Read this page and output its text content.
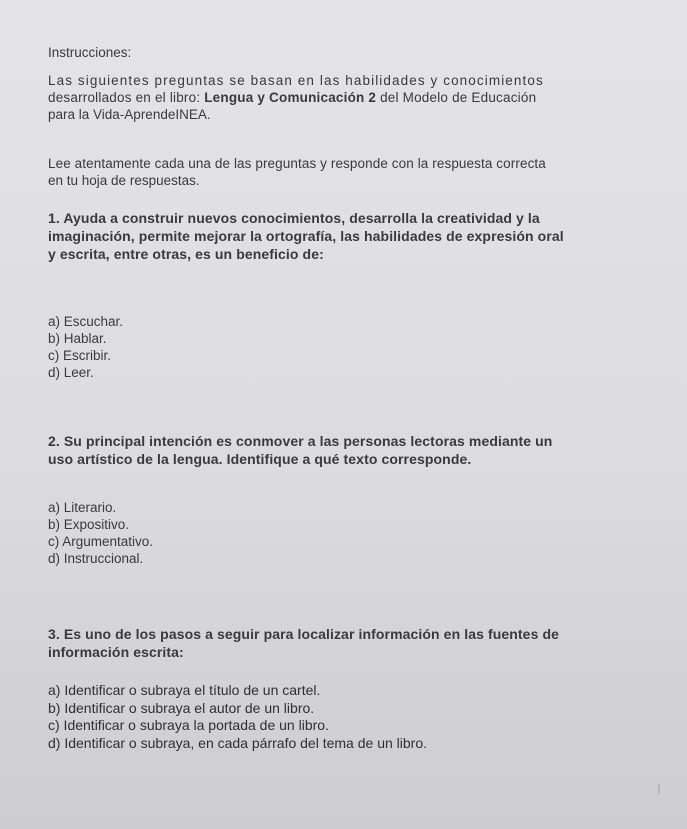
Instrucciones:

Las siguientes preguntas se basan en las habilidades y conocimientos

desarrollados en el libro: Lengua y Comunicación 2 del Modelo de Educación

para la Vida-AprendeINEA.

Lee atentamente cada una de las preguntas y responde con la respuesta correcta

en tu hoja de respuestas.

1. Ayuda a construir nuevos conocimientos, desarrolla la creatividad y la

imaginación, permite mejorar la ortografía, las habilidades de expresión oral

y escrita, entre otras, es un beneficio de:

a) Escuchar.

b) Hablar.

c) Escribir.

d) Leer.

2. Su principal intención es conmover a las personas lectoras mediante un

uso artístico de la lengua. Identifique a qué texto corresponde.

a) Literario.

b) Expositivo.

c) Argumentativo.

d) Instruccional.

3. Es uno de los pasos a seguir para localizar información en las fuentes de

información escrita:

a) Identificar o subraya el título de un cartel.

b) Identificar o subraya el autor de un libro.

c) Identificar o subraya la portada de un libro.

d) Identificar o subraya, en cada párrafo del tema de un libro.
